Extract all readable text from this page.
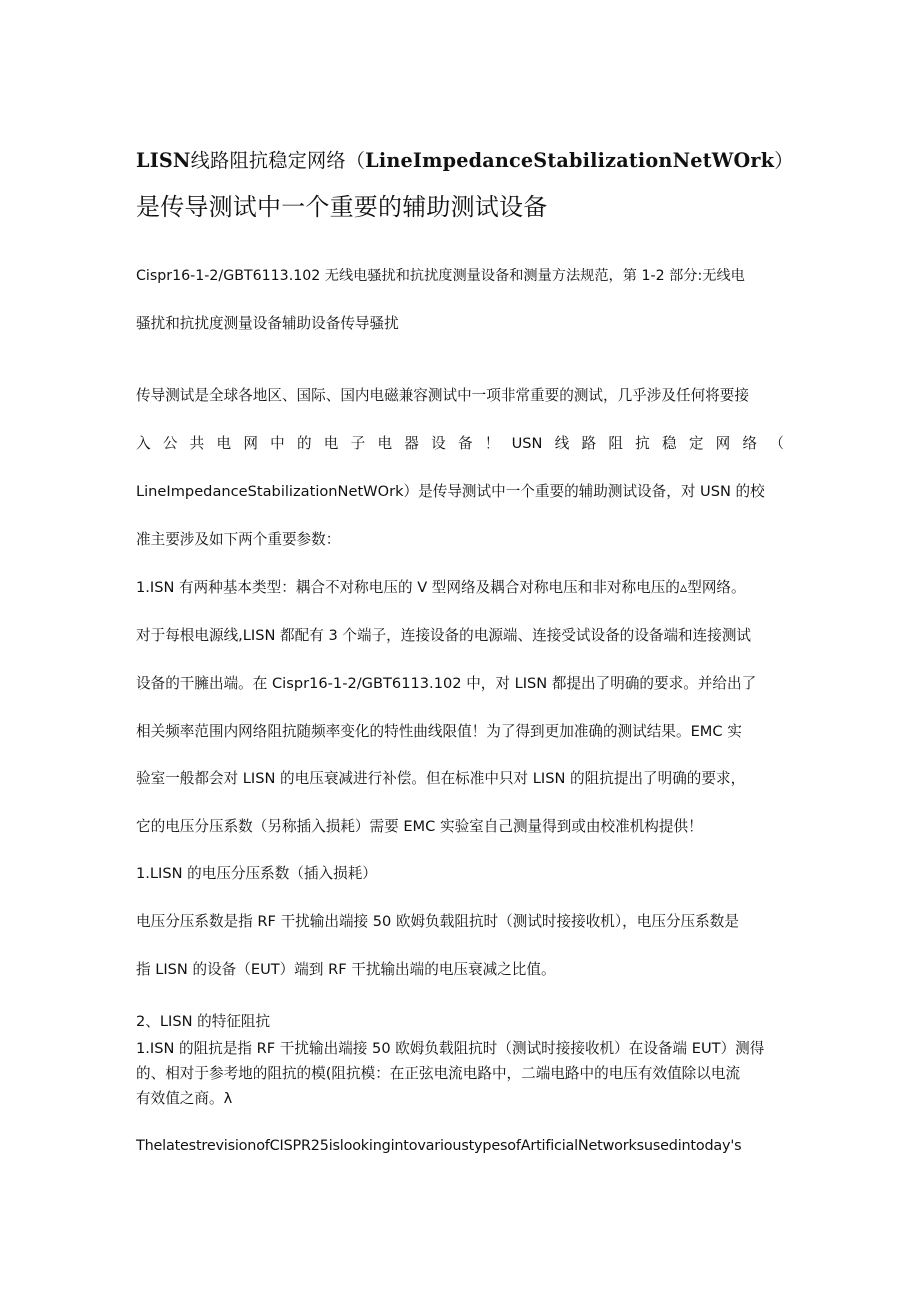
LISN线路阻抗稳定网络（LineImpedanceStabilizationNetWOrk）
是传导测试中一个重要的辅助测试设备
Cispr16-1-2/GBT6113.102 无线电骚扰和抗扰度测量设备和测量方法规范，第 1-2 部分:无线电
骚扰和抗扰度测量设备辅助设备传导骚扰
传导测试是全球各地区、国际、国内电磁兼容测试中一项非常重要的测试，几乎涉及任何将要接
入 公 共 电 网 中 的 电 子 电 器 设 备 ！ USN 线 路 阻 抗 稳 定 网 络 （
LineImpedanceStabilizationNetWOrk）是传导测试中一个重要的辅助测试设备，对 USN 的校
准主要涉及如下两个重要参数：
1.ISN 有两种基本类型：耦合不对称电压的 V 型网络及耦合对称电压和非对称电压的▵型网络。
对于每根电源线,LISN 都配有 3 个端子，连接设备的电源端、连接受试设备的设备端和连接测试
设备的干臃出端。在 Cispr16-1-2/GBT6113.102 中，对 LISN 都提出了明确的要求。并给出了
相关频率范围内网络阻抗随频率变化的特性曲线限值！为了得到更加准确的测试结果。EMC 实
验室一般都会对 LISN 的电压衰减进行补偿。但在标准中只对 LISN 的阻抗提出了明确的要求，
它的电压分压系数（另称插入损耗）需要 EMC 实验室自己测量得到或由校准机构提供！
1.LISN 的电压分压系数（插入损耗）
电压分压系数是指 RF 干扰输出端接 50 欧姆负载阻抗时（测试时接接收机），电压分压系数是
指 LISN 的设备（EUT）端到 RF 干扰输出端的电压衰减之比值。
2、LISN 的特征阻抗
1.ISN 的阻抗是指 RF 干扰输出端接 50 欧姆负载阻抗时（测试时接接收机）在设备端 EUT）测得
的、相对于参考地的阻抗的模(阻抗模：在正弦电流电路中，二端电路中的电压有效值除以电流
有效值之商。λ
ThelatestrevisionofCISPR25islookingintovarioustypesofArtificialNetworksusedintoday's
